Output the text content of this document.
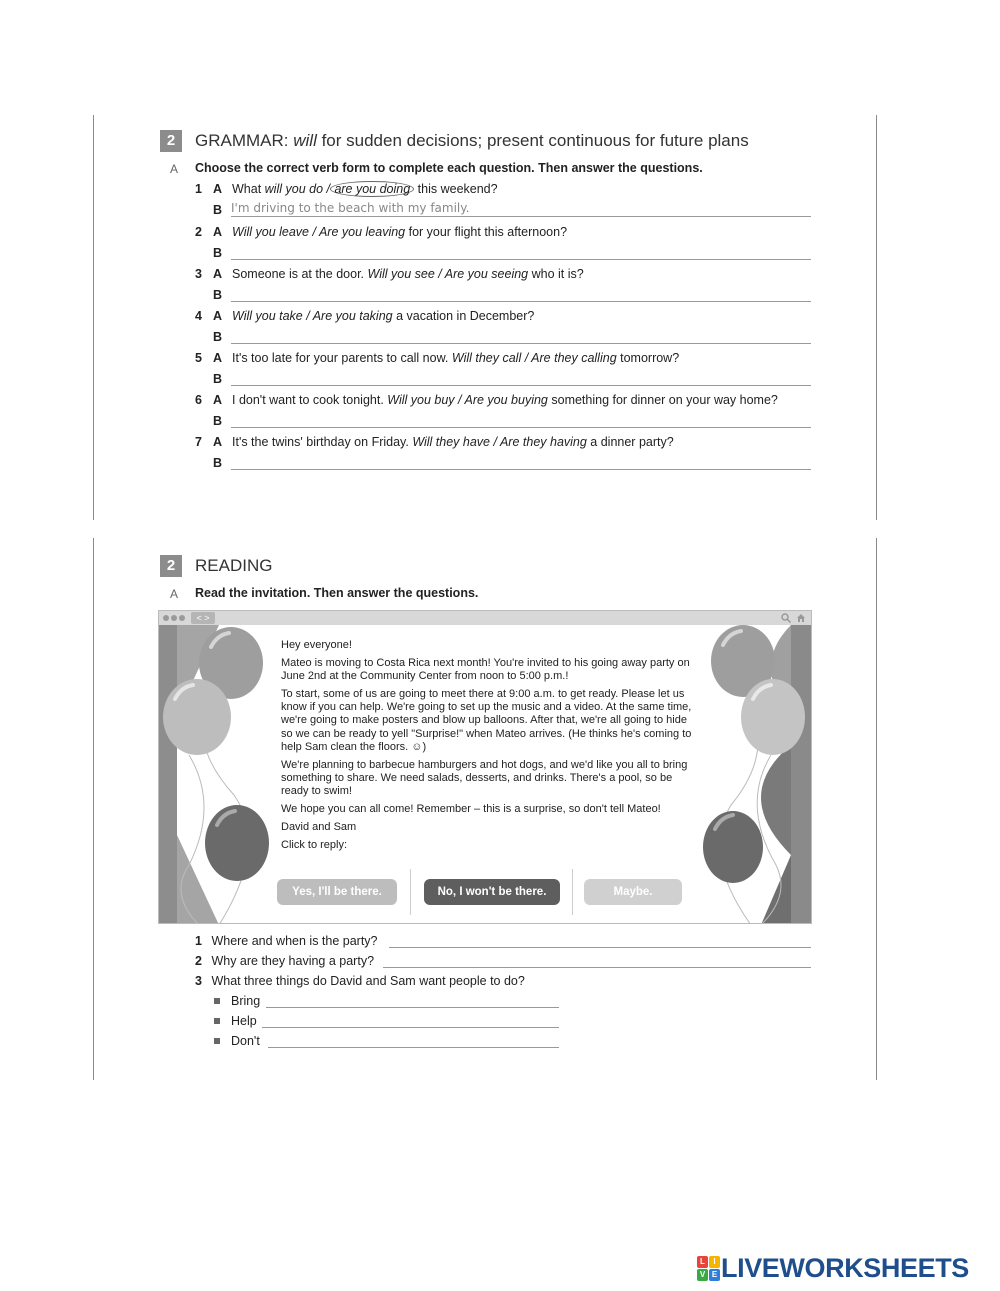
2	GRAMMAR: will for sudden decisions; present continuous for future plans
A Choose the correct verb form to complete each question. Then answer the questions.
1 A What will you do / are you doing this weekend?
B I'm driving to the beach with my family.
2 A Will you leave / Are you leaving for your flight this afternoon?
B
3 A Someone is at the door. Will you see / Are you seeing who it is?
B
4 A Will you take / Are you taking a vacation in December?
B
5 A It's too late for your parents to call now. Will they call / Are they calling tomorrow?
B
6 A I don't want to cook tonight. Will you buy / Are you buying something for dinner on your way home?
B
7 A It's the twins' birthday on Friday. Will they have / Are they having a dinner party?
B
2	READING
A Read the invitation. Then answer the questions.
< >

Hey everyone!

Mateo is moving to Costa Rica next month! You're invited to his going away party on June 2nd at the Community Center from noon to 5:00 p.m.!

To start, some of us are going to meet there at 9:00 a.m. to get ready. Please let us know if you can help. We're going to set up the music and a video. At the same time, we're going to make posters and blow up balloons. After that, we're all going to hide so we can be ready to yell "Surprise!" when Mateo arrives. (He thinks he's coming to help Sam clean the floors. ☺)

We're planning to barbecue hamburgers and hot dogs, and we'd like you all to bring something to share. We need salads, desserts, and drinks. There's a pool, so be ready to swim!

We hope you can all come! Remember – this is a surprise, so don't tell Mateo!

David and Sam

Click to reply:

Yes, I'll be there.	No, I won't be there.	Maybe.
1 Where and when is the party?
2 Why are they having a party?
3 What three things do David and Sam want people to do?
Bring
Help
Don't
L	I
V E LIVEWORKSHEETS
